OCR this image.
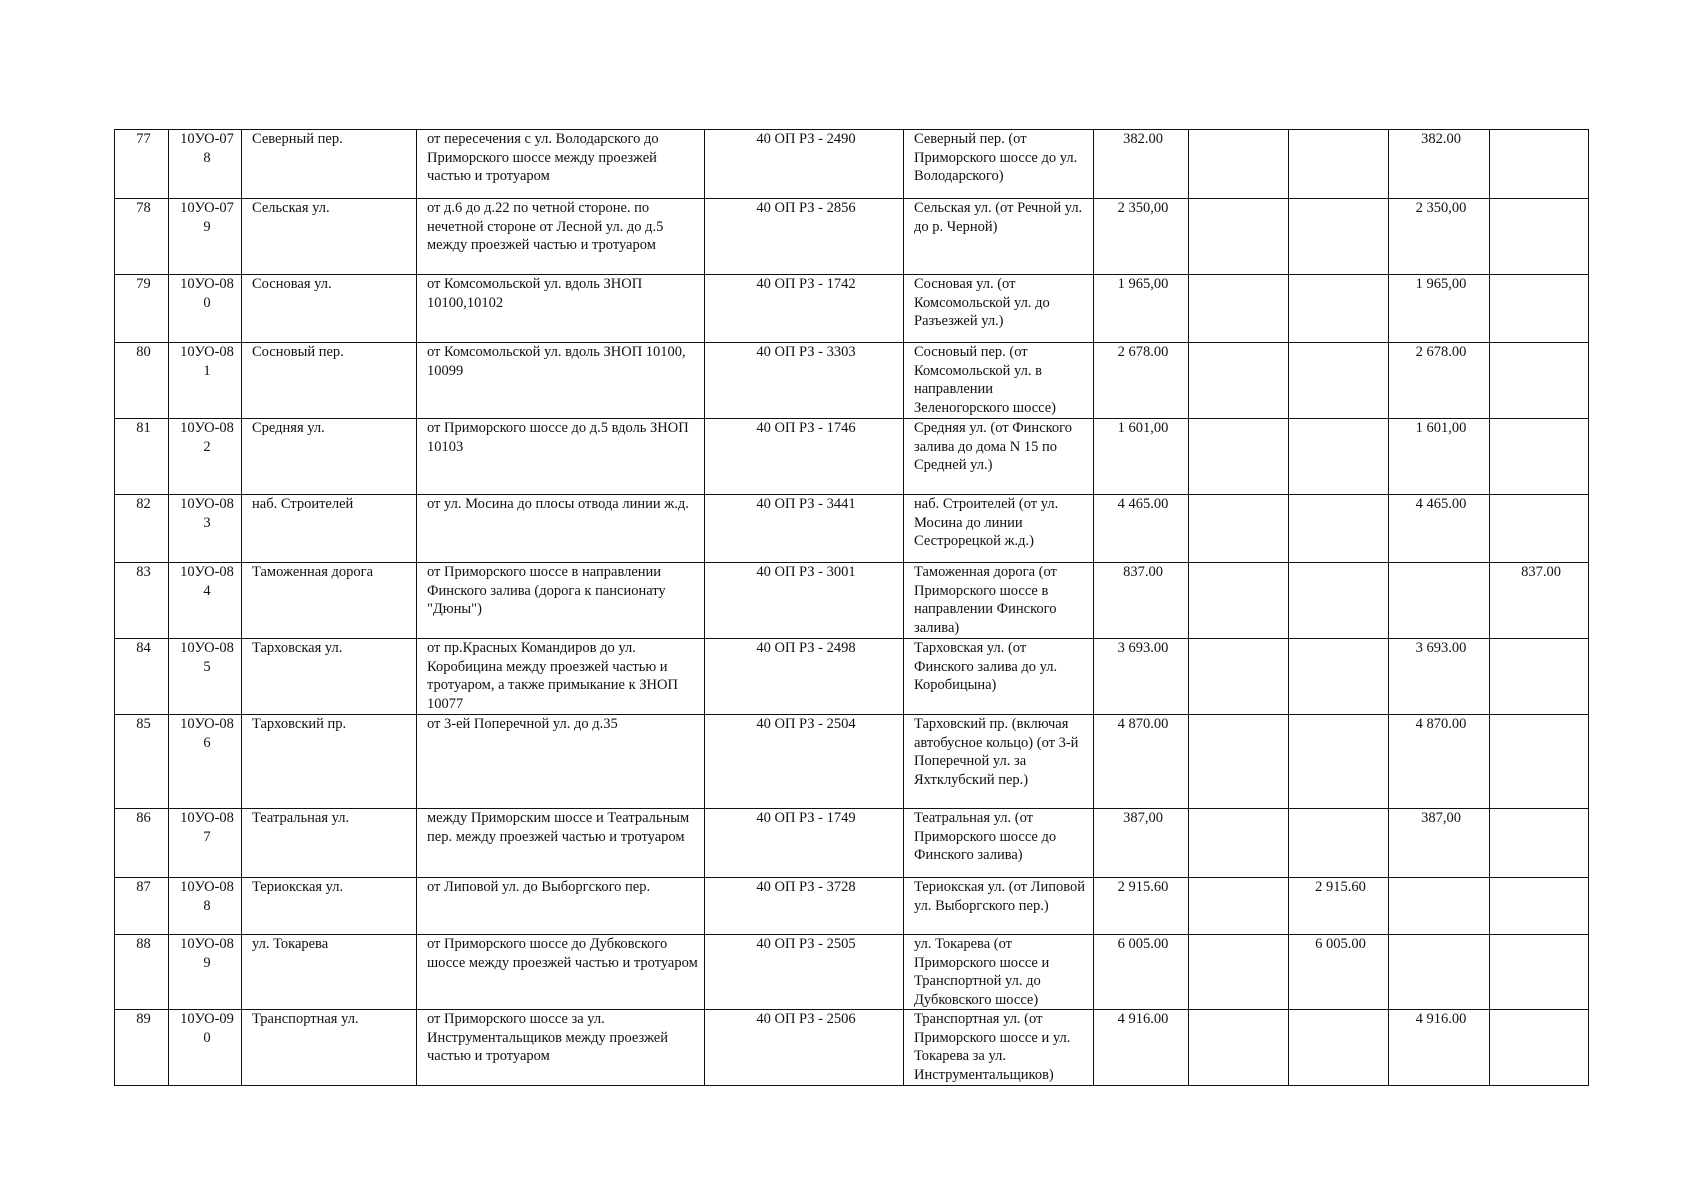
77	10УО-078	Северный пер.	от пересечения с ул. Володарского до Приморского шоссе между проезжей частью и тротуаром	40 ОП РЗ - 2490	Северный пер. (от Приморского шоссе до ул. Володарского)	382.00			382.00	
78	10УО-079	Сельская ул.	от д.6 до д.22 по четной стороне. по нечетной стороне от Лесной ул. до д.5 между проезжей частью и тротуаром	40 ОП РЗ - 2856	Сельская ул. (от Речной ул. до р. Черной)	2 350,00			2 350,00	
79	10УО-080	Сосновая ул.	от Комсомольской ул. вдоль ЗНОП 10100,10102	40 ОП РЗ - 1742	Сосновая ул. (от Комсомольской ул. до Разъезжей ул.)	1 965,00			1 965,00	
80	10УО-081	Сосновый пер.	от Комсомольской ул. вдоль ЗНОП 10100, 10099	40 ОП РЗ - 3303	Сосновый пер. (от Комсомольской ул. в направлении Зеленогорского шоссе)	2 678.00			2 678.00	
81	10УО-082	Средняя ул.	от Приморского шоссе до д.5 вдоль ЗНОП 10103	40 ОП РЗ - 1746	Средняя ул. (от Финского залива до дома N 15 по Средней ул.)	1 601,00			1 601,00	
82	10УО-083	наб. Строителей	от ул. Мосина до плосы отвода линии ж.д.	40 ОП РЗ - 3441	наб. Строителей (от ул. Мосина до линии Сестрорецкой ж.д.)	4 465.00			4 465.00	
83	10УО-084	Таможенная дорога	от Приморского шоссе в направлении Финского залива (дорога к пансионату "Дюны")	40 ОП РЗ - 3001	Таможенная дорога (от Приморского шоссе в направлении Финского залива)	837.00				837.00
84	10УО-085	Тарховская ул.	от пр.Красных Командиров до ул. Коробицина между проезжей частью и тротуаром, а также примыкание к ЗНОП 10077	40 ОП РЗ - 2498	Тарховская ул. (от Финского залива до ул. Коробицына)	3 693.00			3 693.00	
85	10УО-086	Тарховский пр.	от 3-ей Поперечной ул. до д.35	40 ОП РЗ - 2504	Тарховский пр. (включая автобусное кольцо) (от 3-й Поперечной ул. за Яхтклубский пер.)	4 870.00			4 870.00	
86	10УО-087	Театральная ул.	между Приморским шоссе и Театральным пер. между проезжей частью и тротуаром	40 ОП РЗ - 1749	Театральная ул. (от Приморского шоссе до Финского залива)	387,00			387,00	
87	10УО-088	Териокская ул.	от Липовой ул. до Выборгского пер.	40 ОП РЗ - 3728	Териокская ул. (от Липовой ул. Выборгского пер.)	2 915.60		2 915.60		
88	10УО-089	ул. Токарева	от Приморского шоссе до Дубковского шоссе между проезжей частью и тротуаром	40 ОП РЗ - 2505	ул. Токарева (от Приморского шоссе и Транспортной ул. до Дубковского шоссе)	6 005.00		6 005.00		
89	10УО-090	Транспортная ул.	от Приморского шоссе за ул. Инструментальщиков между проезжей частью и тротуаром	40 ОП РЗ - 2506	Транспортная ул. (от Приморского шоссе и ул. Токарева за ул. Инструментальщиков)	4 916.00			4 916.00	
